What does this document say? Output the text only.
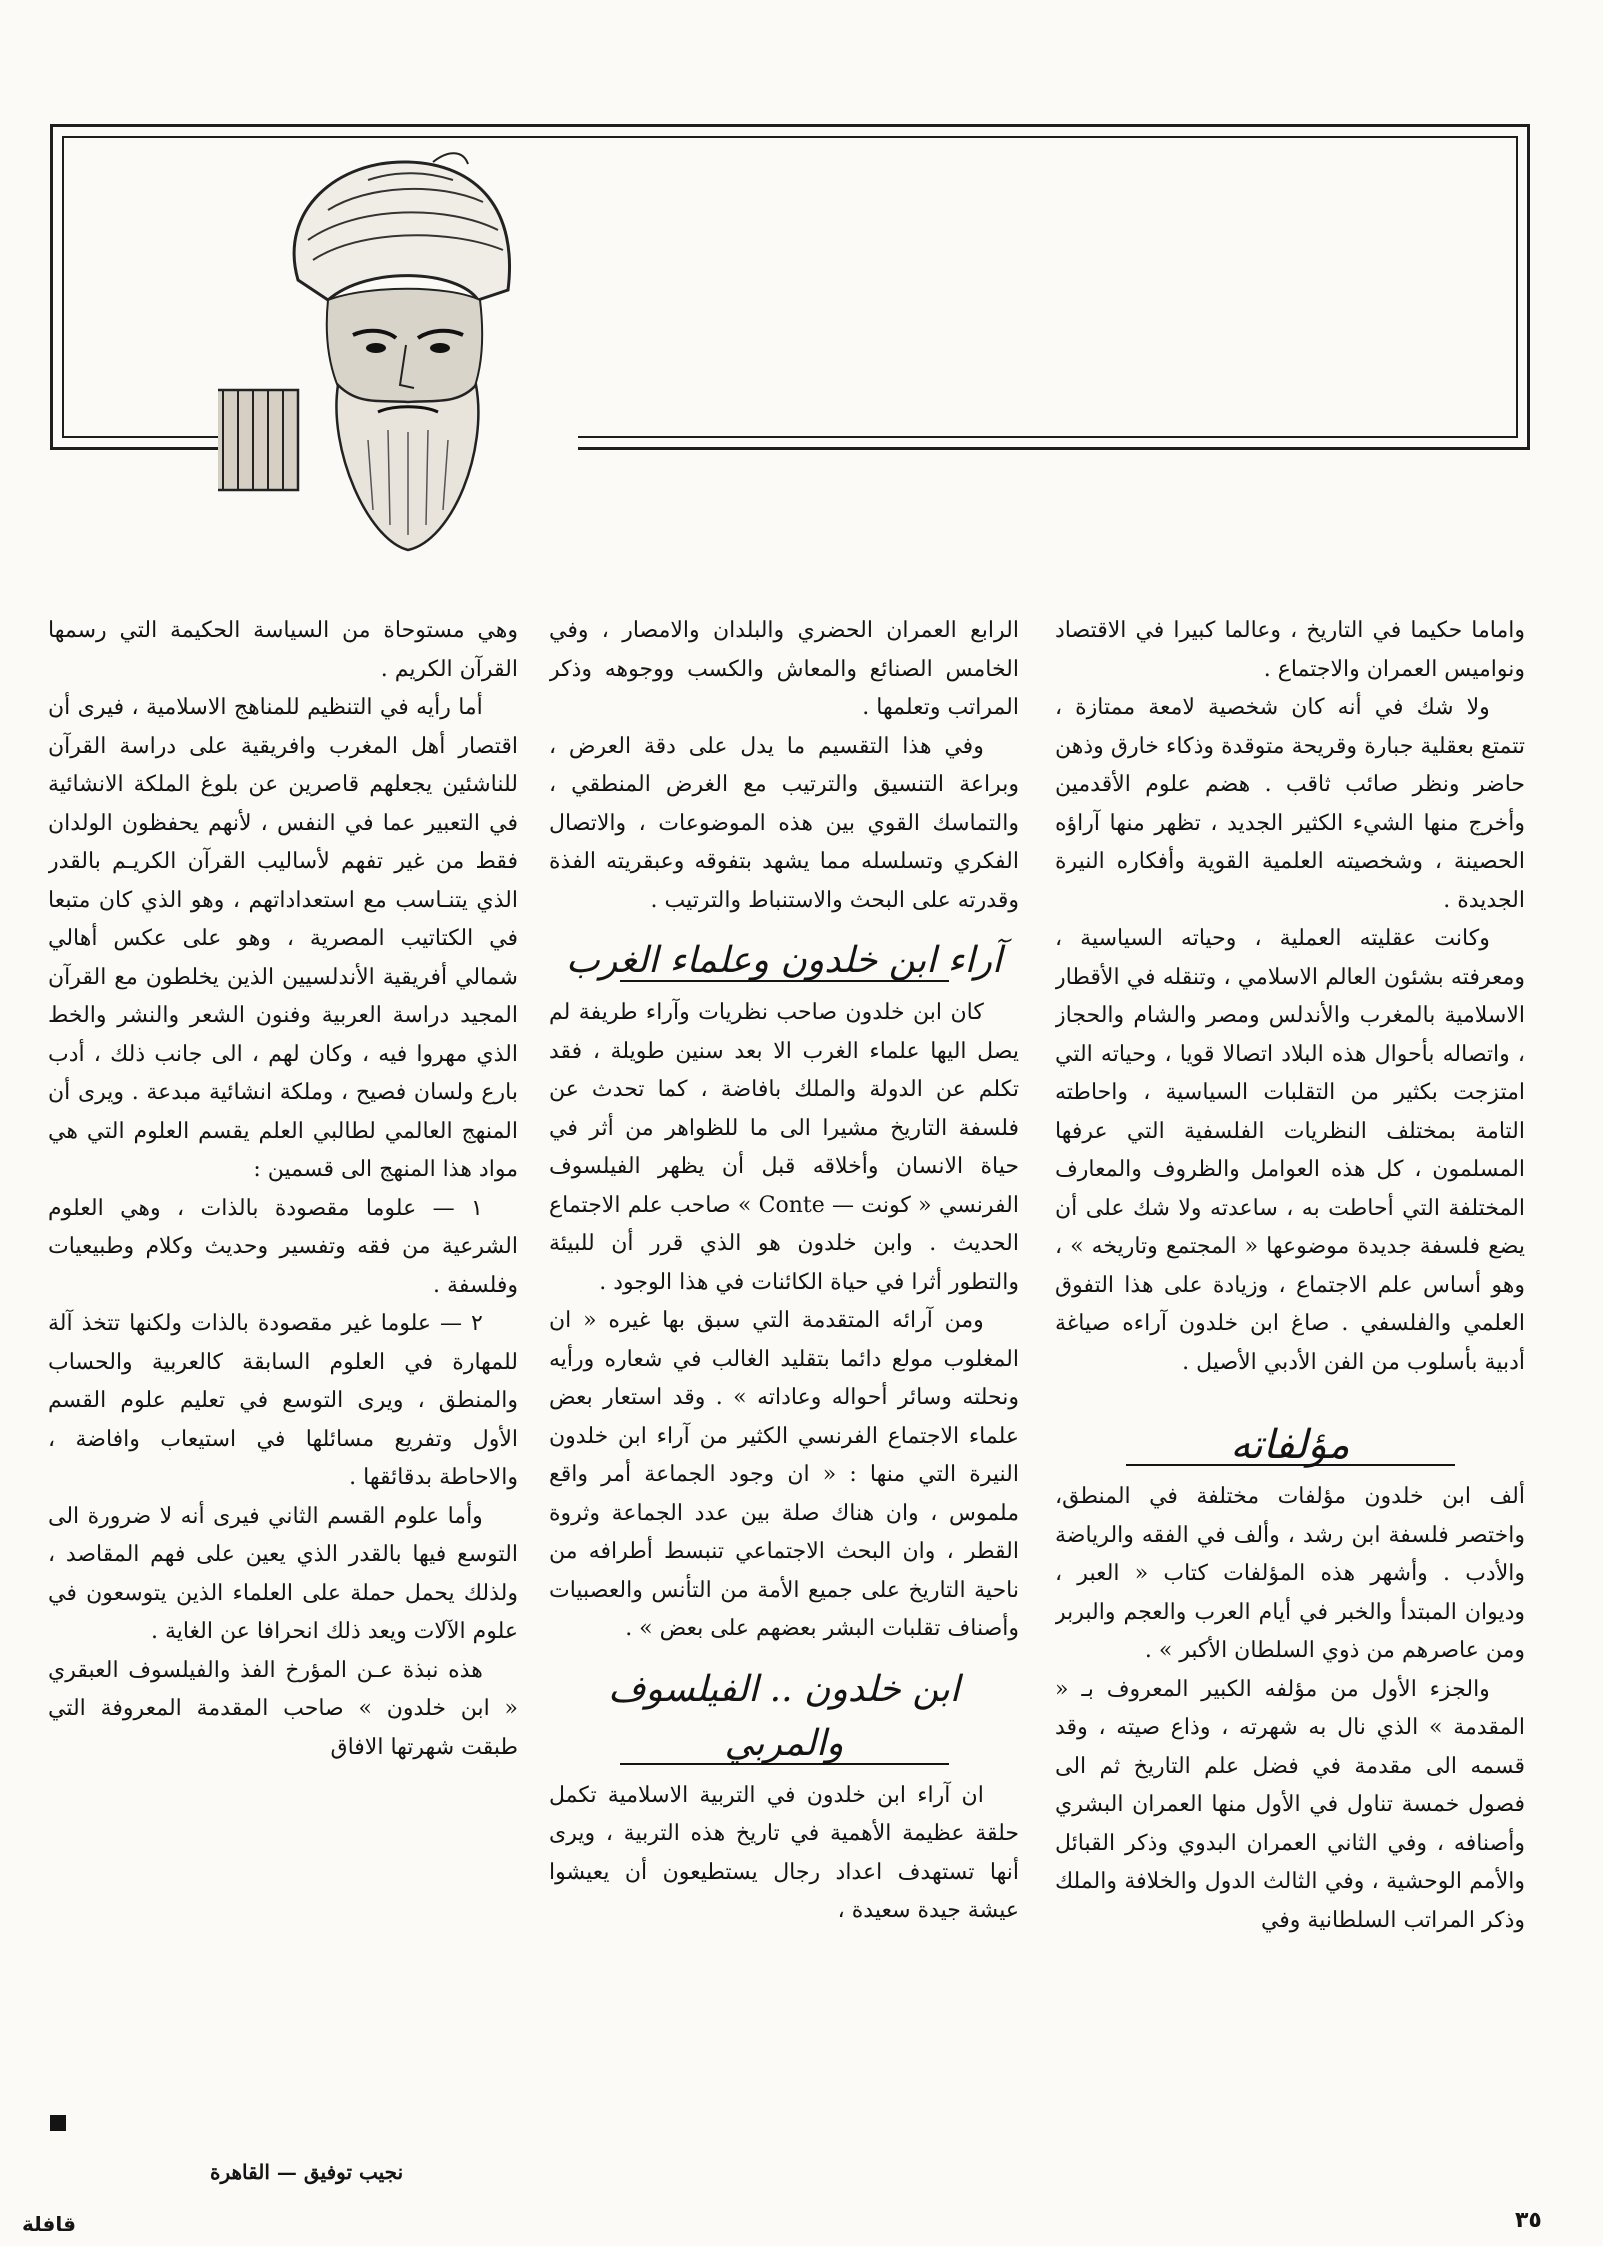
واماما حكيما في التاريخ ، وعالما كبيرا في الاقتصاد ونواميس العمران والاجتماع .

ولا شك في أنه كان شخصية لامعة ممتازة ، تتمتع بعقلية جبارة وقريحة متوقدة وذكاء خارق وذهن حاضر ونظر صائب ثاقب . هضم علوم الأقدمين وأخرج منها الشيء الكثير الجديد ، تظهر منها آراؤه الحصينة ، وشخصيته العلمية القوية وأفكاره النيرة الجديدة .

وكانت عقليته العملية ، وحياته السياسية ، ومعرفته بشئون العالم الاسلامي ، وتنقله في الأقطار الاسلامية بالمغرب والأندلس ومصر والشام والحجاز ، واتصاله بأحوال هذه البلاد اتصالا قويا ، وحياته التي امتزجت بكثير من التقلبات السياسية ، واحاطته التامة بمختلف النظريات الفلسفية التي عرفها المسلمون ، كل هذه العوامل والظروف والمعارف المختلفة التي أحاطت به ، ساعدته ولا شك على أن يضع فلسفة جديدة موضوعها « المجتمع وتاريخه » ، وهو أساس علم الاجتماع ، وزيادة على هذا التفوق العلمي والفلسفي . صاغ ابن خلدون آراءه صياغة أدبية بأسلوب من الفن الأدبي الأصيل .

مؤلفاته

ألف ابن خلدون مؤلفات مختلفة في المنطق، واختصر فلسفة ابن رشد ، وألف في الفقه والرياضة والأدب . وأشهر هذه المؤلفات كتاب « العبر ، وديوان المبتدأ والخبر في أيام العرب والعجم والبربر ومن عاصرهم من ذوي السلطان الأكبر » .

والجزء الأول من مؤلفه الكبير المعروف بـ « المقدمة » الذي نال به شهرته ، وذاع صيته ، وقد قسمه الى مقدمة في فضل علم التاريخ ثم الى فصول خمسة تناول في الأول منها العمران البشري وأصنافه ، وفي الثاني العمران البدوي وذكر القبائل والأمم الوحشية ، وفي الثالث الدول والخلافة والملك وذكر المراتب السلطانية وفي

الرابع العمران الحضري والبلدان والامصار ، وفي الخامس الصنائع والمعاش والكسب ووجوهه وذكر المراتب وتعلمها .

وفي هذا التقسيم ما يدل على دقة العرض ، وبراعة التنسيق والترتيب مع الغرض المنطقي ، والتماسك القوي بين هذه الموضوعات ، والاتصال الفكري وتسلسله مما يشهد بتفوقه وعبقريته الفذة وقدرته على البحث والاستنباط والترتيب .

آراء ابن خلدون وعلماء الغرب

كان ابن خلدون صاحب نظريات وآراء طريفة لم يصل اليها علماء الغرب الا بعد سنين طويلة ، فقد تكلم عن الدولة والملك بافاضة ، كما تحدث عن فلسفة التاريخ مشيرا الى ما للظواهر من أثر في حياة الانسان وأخلاقه قبل أن يظهر الفيلسوف الفرنسي « كونت — Conte » صاحب علم الاجتماع الحديث . وابن خلدون هو الذي قرر أن للبيئة والتطور أثرا في حياة الكائنات في هذا الوجود .

ومن آرائه المتقدمة التي سبق بها غيره « ان المغلوب مولع دائما بتقليد الغالب في شعاره ورأيه ونحلته وسائر أحواله وعاداته » . وقد استعار بعض علماء الاجتماع الفرنسي الكثير من آراء ابن خلدون النيرة التي منها : « ان وجود الجماعة أمر واقع ملموس ، وان هناك صلة بين عدد الجماعة وثروة القطر ، وان البحث الاجتماعي تنبسط أطرافه من ناحية التاريخ على جميع الأمة من التأنس والعصبيات وأصناف تقلبات البشر بعضهم على بعض » .

ابن خلدون .. الفيلسوف والمربي

ان آراء ابن خلدون في التربية الاسلامية تكمل حلقة عظيمة الأهمية في تاريخ هذه التربية ، ويرى أنها تستهدف اعداد رجال يستطيعون أن يعيشوا عيشة جيدة سعيدة ،

وهي مستوحاة من السياسة الحكيمة التي رسمها القرآن الكريم .

أما رأيه في التنظيم للمناهج الاسلامية ، فيرى أن اقتصار أهل المغرب وافريقية على دراسة القرآن للناشئين يجعلهم قاصرين عن بلوغ الملكة الانشائية في التعبير عما في النفس ، لأنهم يحفظون الولدان فقط من غير تفهم لأساليب القرآن الكريـم بالقدر الذي يتنـاسب مع استعداداتهم ، وهو الذي كان متبعا في الكتاتيب المصرية ، وهو على عكس أهالي شمالي أفريقية الأندلسيين الذين يخلطون مع القرآن المجيد دراسة العربية وفنون الشعر والنشر والخط الذي مهروا فيه ، وكان لهم ، الى جانب ذلك ، أدب بارع ولسان فصيح ، وملكة انشائية مبدعة . ويرى أن المنهج العالمي لطالبي العلم يقسم العلوم التي هي مواد هذا المنهج الى قسمين :

١ — علوما مقصودة بالذات ، وهي العلوم الشرعية من فقه وتفسير وحديث وكلام وطبيعيات وفلسفة .

٢ — علوما غير مقصودة بالذات ولكنها تتخذ آلة للمهارة في العلوم السابقة كالعربية والحساب والمنطق ، ويرى التوسع في تعليم علوم القسم الأول وتفريع مسائلها في استيعاب وافاضة ، والاحاطة بدقائقها .

وأما علوم القسم الثاني فيرى أنه لا ضرورة الى التوسع فيها بالقدر الذي يعين على فهم المقاصد ، ولذلك يحمل حملة على العلماء الذين يتوسعون في علوم الآلات ويعد ذلك انحرافا عن الغاية .

هذه نبذة عـن المؤرخ الفذ والفيلسوف العبقري « ابن خلدون » صاحب المقدمة المعروفة التي طبقت شهرتها الافاق

نجيب توفيق — القاهرة
٣٥
قافلة
